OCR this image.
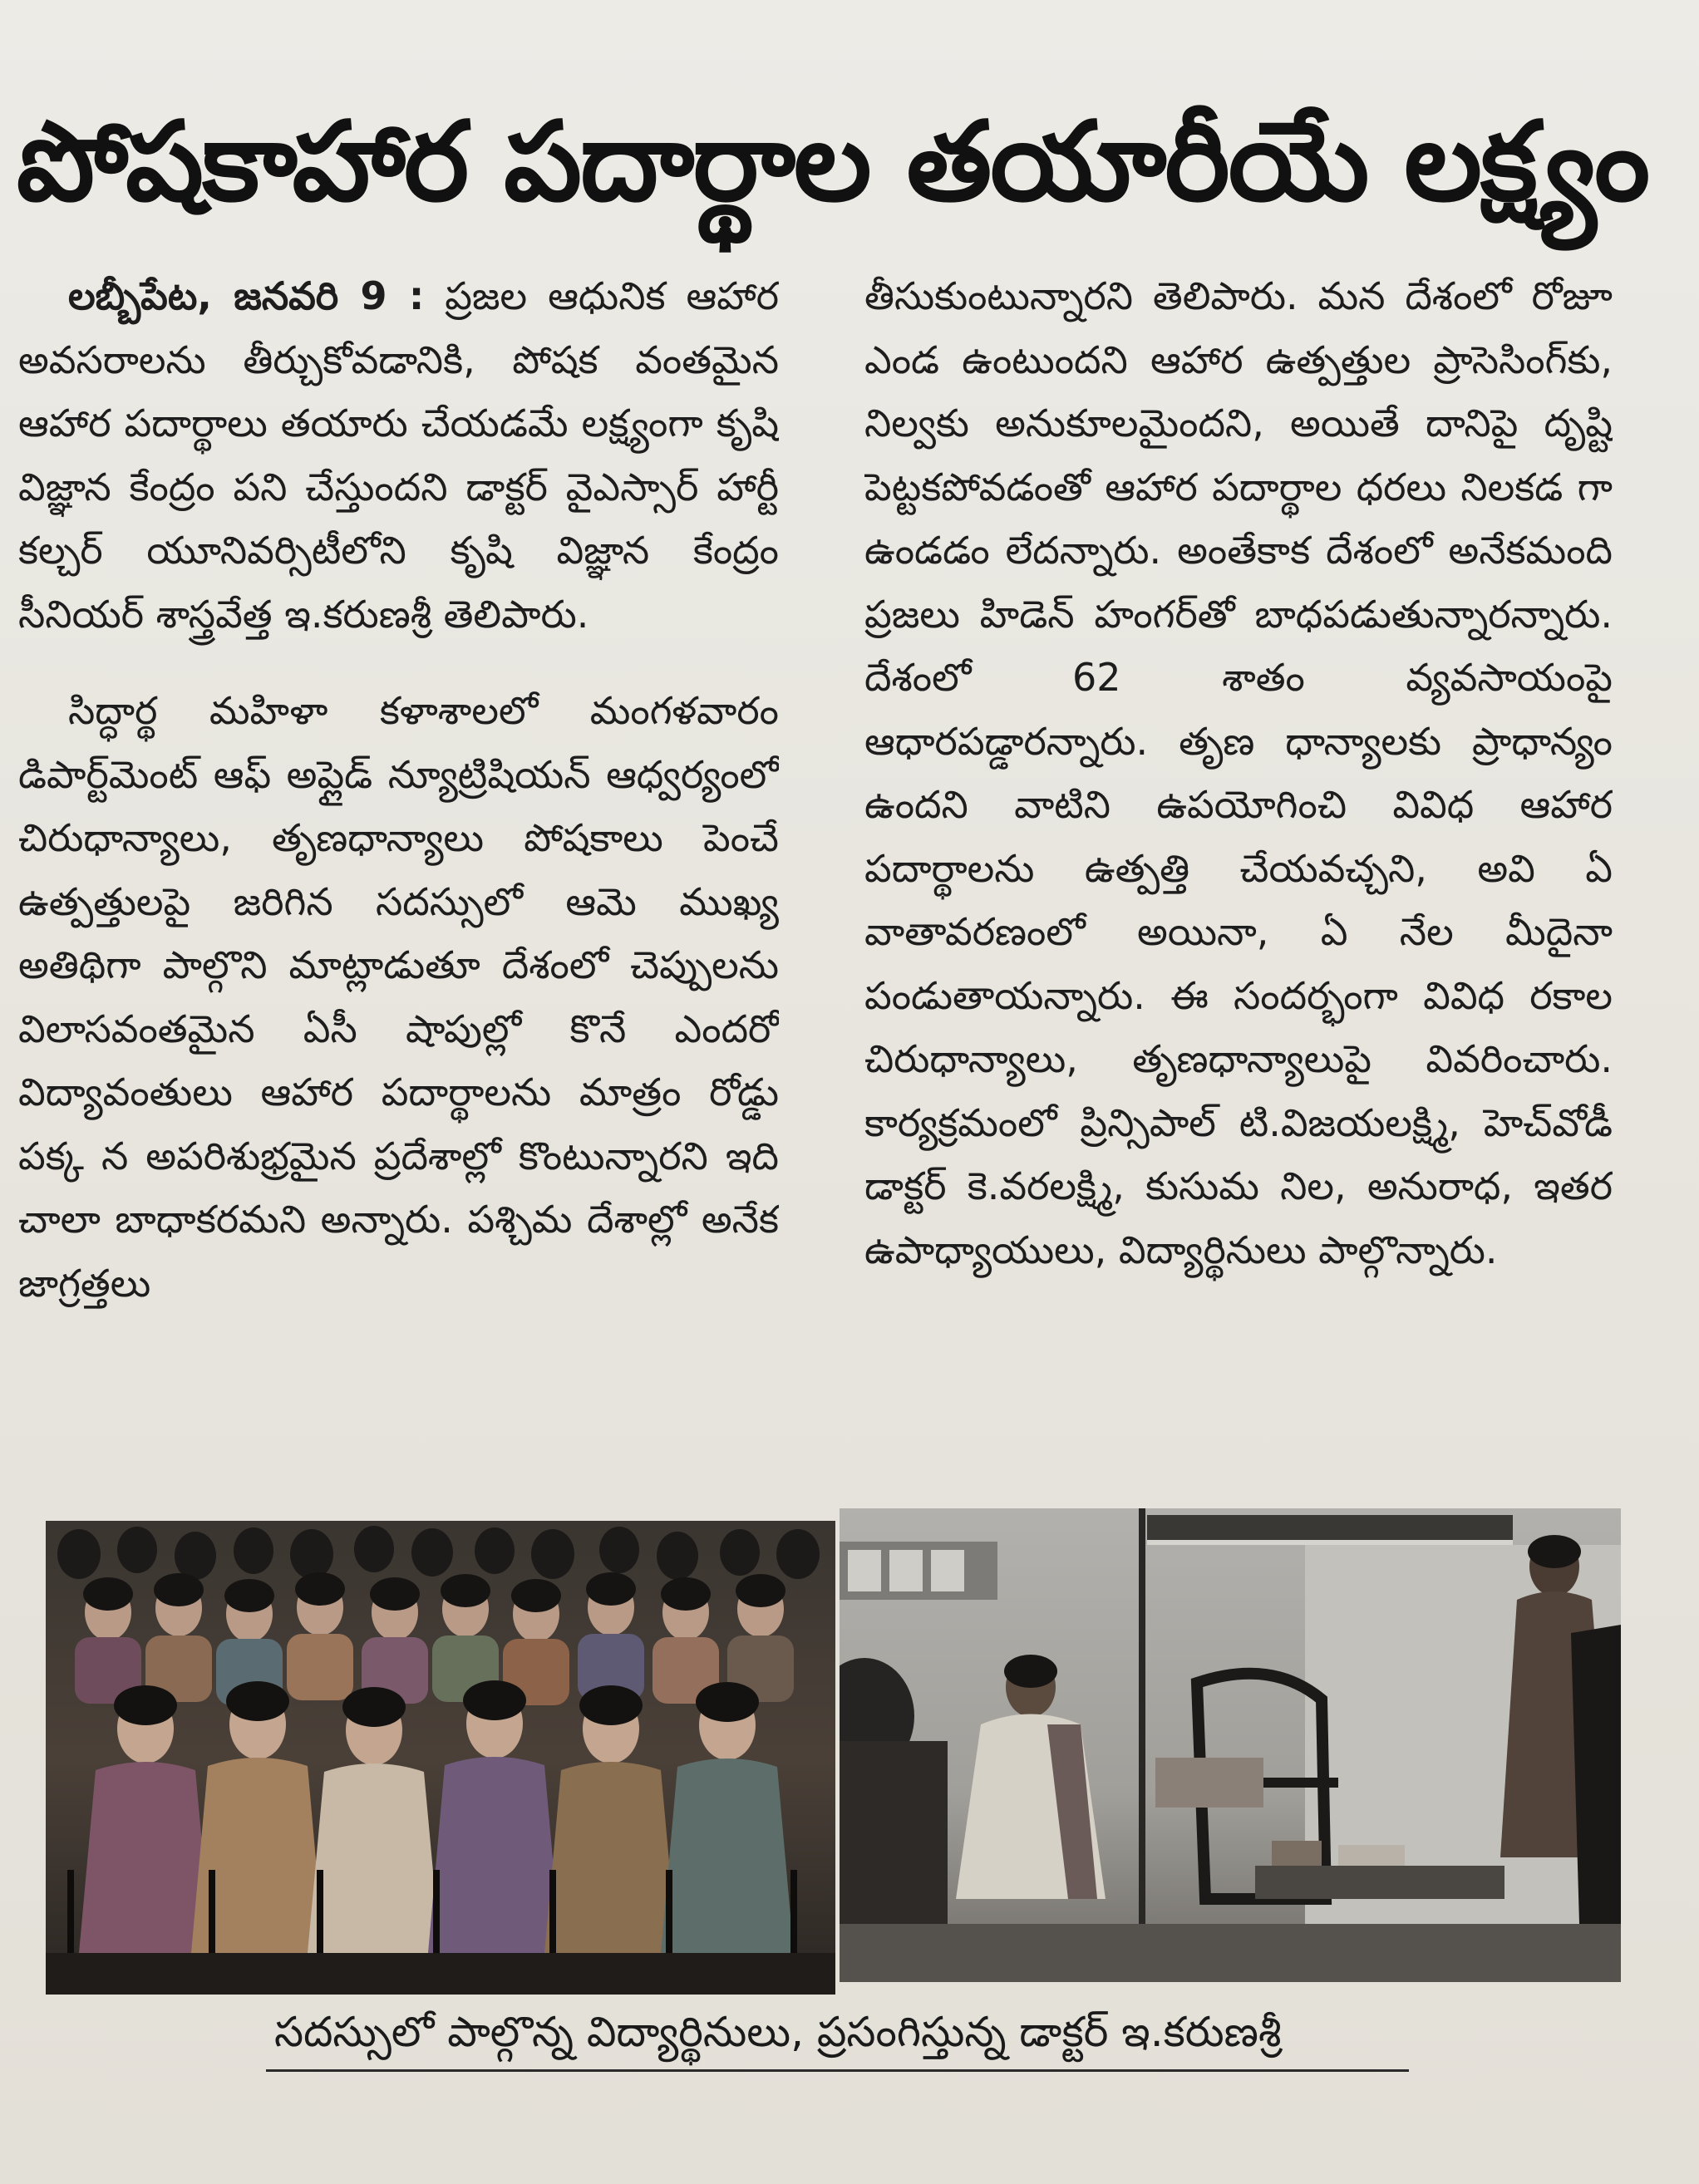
పోషకాహార పదార్థాల తయారీయే లక్ష్యం

లబ్బీపేట, జనవరి 9 : ప్రజల ఆధునిక ఆహార అవసరాలను తీర్చుకోవడానికి, పోషక వంతమైన ఆహార పదార్థాలు తయారు చేయడమే లక్ష్యంగా కృషి విజ్ఞాన కేంద్రం పని చేస్తుందని డాక్టర్ వైఎస్సార్ హార్టీ కల్చర్ యూనివర్సిటీలోని కృషి విజ్ఞాన కేంద్రం సీనియర్ శాస్త్రవేత్త ఇ.కరుణశ్రీ తెలిపారు.

సిద్ధార్థ మహిళా కళాశాలలో మంగళవారం డిపార్ట్‌మెంట్ ఆఫ్ అప్లైడ్ న్యూట్రిషియన్ ఆధ్వర్యంలో చిరుధాన్యాలు, తృణధాన్యాలు పోషకాలు పెంచే ఉత్పత్తులపై జరిగిన సదస్సులో ఆమె ముఖ్య అతిథిగా పాల్గొని మాట్లాడుతూ దేశంలో చెప్పులను విలాసవంతమైన ఏసీ షాపుల్లో కొనే ఎందరో విద్యావంతులు ఆహార పదార్థాలను మాత్రం రోడ్డు పక్క న అపరిశుభ్రమైన ప్రదేశాల్లో కొంటున్నారని ఇది చాలా బాధాకరమని అన్నారు. పశ్చిమ దేశాల్లో అనేక జాగ్రత్తలు

తీసుకుంటున్నారని తెలిపారు. మన దేశంలో రోజూ ఎండ ఉంటుందని ఆహార ఉత్పత్తుల ప్రాసెసింగ్‌కు, నిల్వకు అనుకూలమైందని, అయితే దానిపై దృష్టి పెట్టకపోవడంతో ఆహార పదార్థాల ధరలు నిలకడ గా ఉండడం లేదన్నారు. అంతేకాక దేశంలో అనేకమంది ప్రజలు హిడెన్ హంగర్‌తో బాధపడుతున్నారన్నారు. దేశంలో 62 శాతం వ్యవసాయంపై ఆధారపడ్డారన్నారు. తృణ ధాన్యాలకు ప్రాధాన్యం ఉందని వాటిని ఉపయోగించి వివిధ ఆహార పదార్థాలను ఉత్పత్తి చేయవచ్చని, అవి ఏ వాతావరణంలో అయినా, ఏ నేల మీదైనా పండుతాయన్నారు. ఈ సందర్భంగా వివిధ రకాల చిరుధాన్యాలు, తృణధాన్యాలుపై వివరించారు. కార్యక్రమంలో ప్రిన్సిపాల్ టి.విజయలక్ష్మి, హెచ్‌వోడీ డాక్టర్ కె.వరలక్ష్మి, కుసుమ నిల, అనురాధ, ఇతర ఉపాధ్యాయులు, విద్యార్థినులు పాల్గొన్నారు.

సదస్సులో పాల్గొన్న విద్యార్థినులు, ప్రసంగిస్తున్న డాక్టర్ ఇ.కరుణశ్రీ
